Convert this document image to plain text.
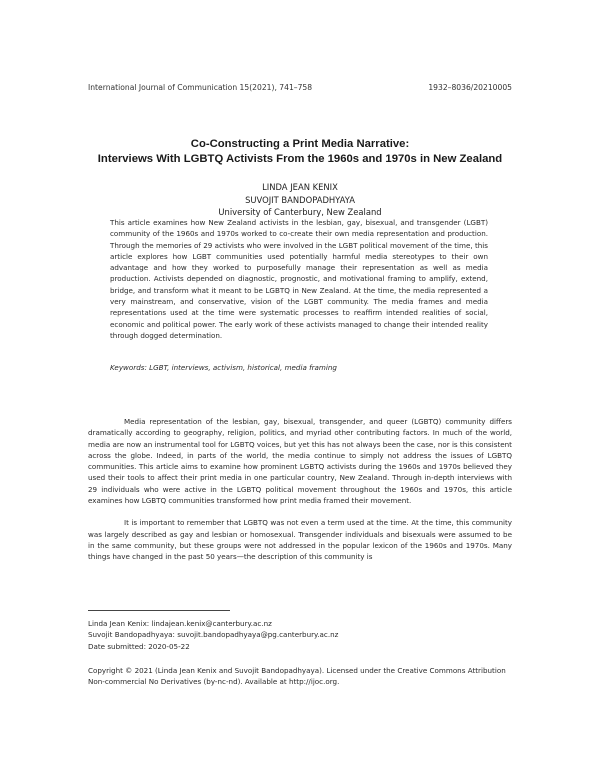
International Journal of Communication 15(2021), 741–758	1932–8036/20210005
Co-Constructing a Print Media Narrative:
Interviews With LGBTQ Activists From the 1960s and 1970s in New Zealand
LINDA JEAN KENIX
SUVOJIT BANDOPADHYAYA
University of Canterbury, New Zealand
This article examines how New Zealand activists in the lesbian, gay, bisexual, and transgender (LGBT) community of the 1960s and 1970s worked to co-create their own media representation and production. Through the memories of 29 activists who were involved in the LGBT political movement of the time, this article explores how LGBT communities used potentially harmful media stereotypes to their own advantage and how they worked to purposefully manage their representation as well as media production. Activists depended on diagnostic, prognostic, and motivational framing to amplify, extend, bridge, and transform what it meant to be LGBTQ in New Zealand. At the time, the media represented a very mainstream, and conservative, vision of the LGBT community. The media frames and media representations used at the time were systematic processes to reaffirm intended realities of social, economic and political power. The early work of these activists managed to change their intended reality through dogged determination.
Keywords: LGBT, interviews, activism, historical, media framing

Media representation of the lesbian, gay, bisexual, transgender, and queer (LGBTQ) community differs dramatically according to geography, religion, politics, and myriad other contributing factors. In much of the world, media are now an instrumental tool for LGBTQ voices, but yet this has not always been the case, nor is this consistent across the globe. Indeed, in parts of the world, the media continue to simply not address the issues of LGBTQ communities. This article aims to examine how prominent LGBTQ activists during the 1960s and 1970s believed they used their tools to affect their print media in one particular country, New Zealand. Through in-depth interviews with 29 individuals who were active in the LGBTQ political movement throughout the 1960s and 1970s, this article examines how LGBTQ communities transformed how print media framed their movement.

It is important to remember that LGBTQ was not even a term used at the time. At the time, this community was largely described as gay and lesbian or homosexual. Transgender individuals and bisexuals were assumed to be in the same community, but these groups were not addressed in the popular lexicon of the 1960s and 1970s. Many things have changed in the past 50 years—the description of this community is

Linda Jean Kenix: lindajean.kenix@canterbury.ac.nz
Suvojit Bandopadhyaya: suvojit.bandopadhyaya@pg.canterbury.ac.nz
Date submitted: 2020-05-22
Copyright © 2021 (Linda Jean Kenix and Suvojit Bandopadhyaya). Licensed under the Creative Commons Attribution Non-commercial No Derivatives (by-nc-nd). Available at http://ijoc.org.
